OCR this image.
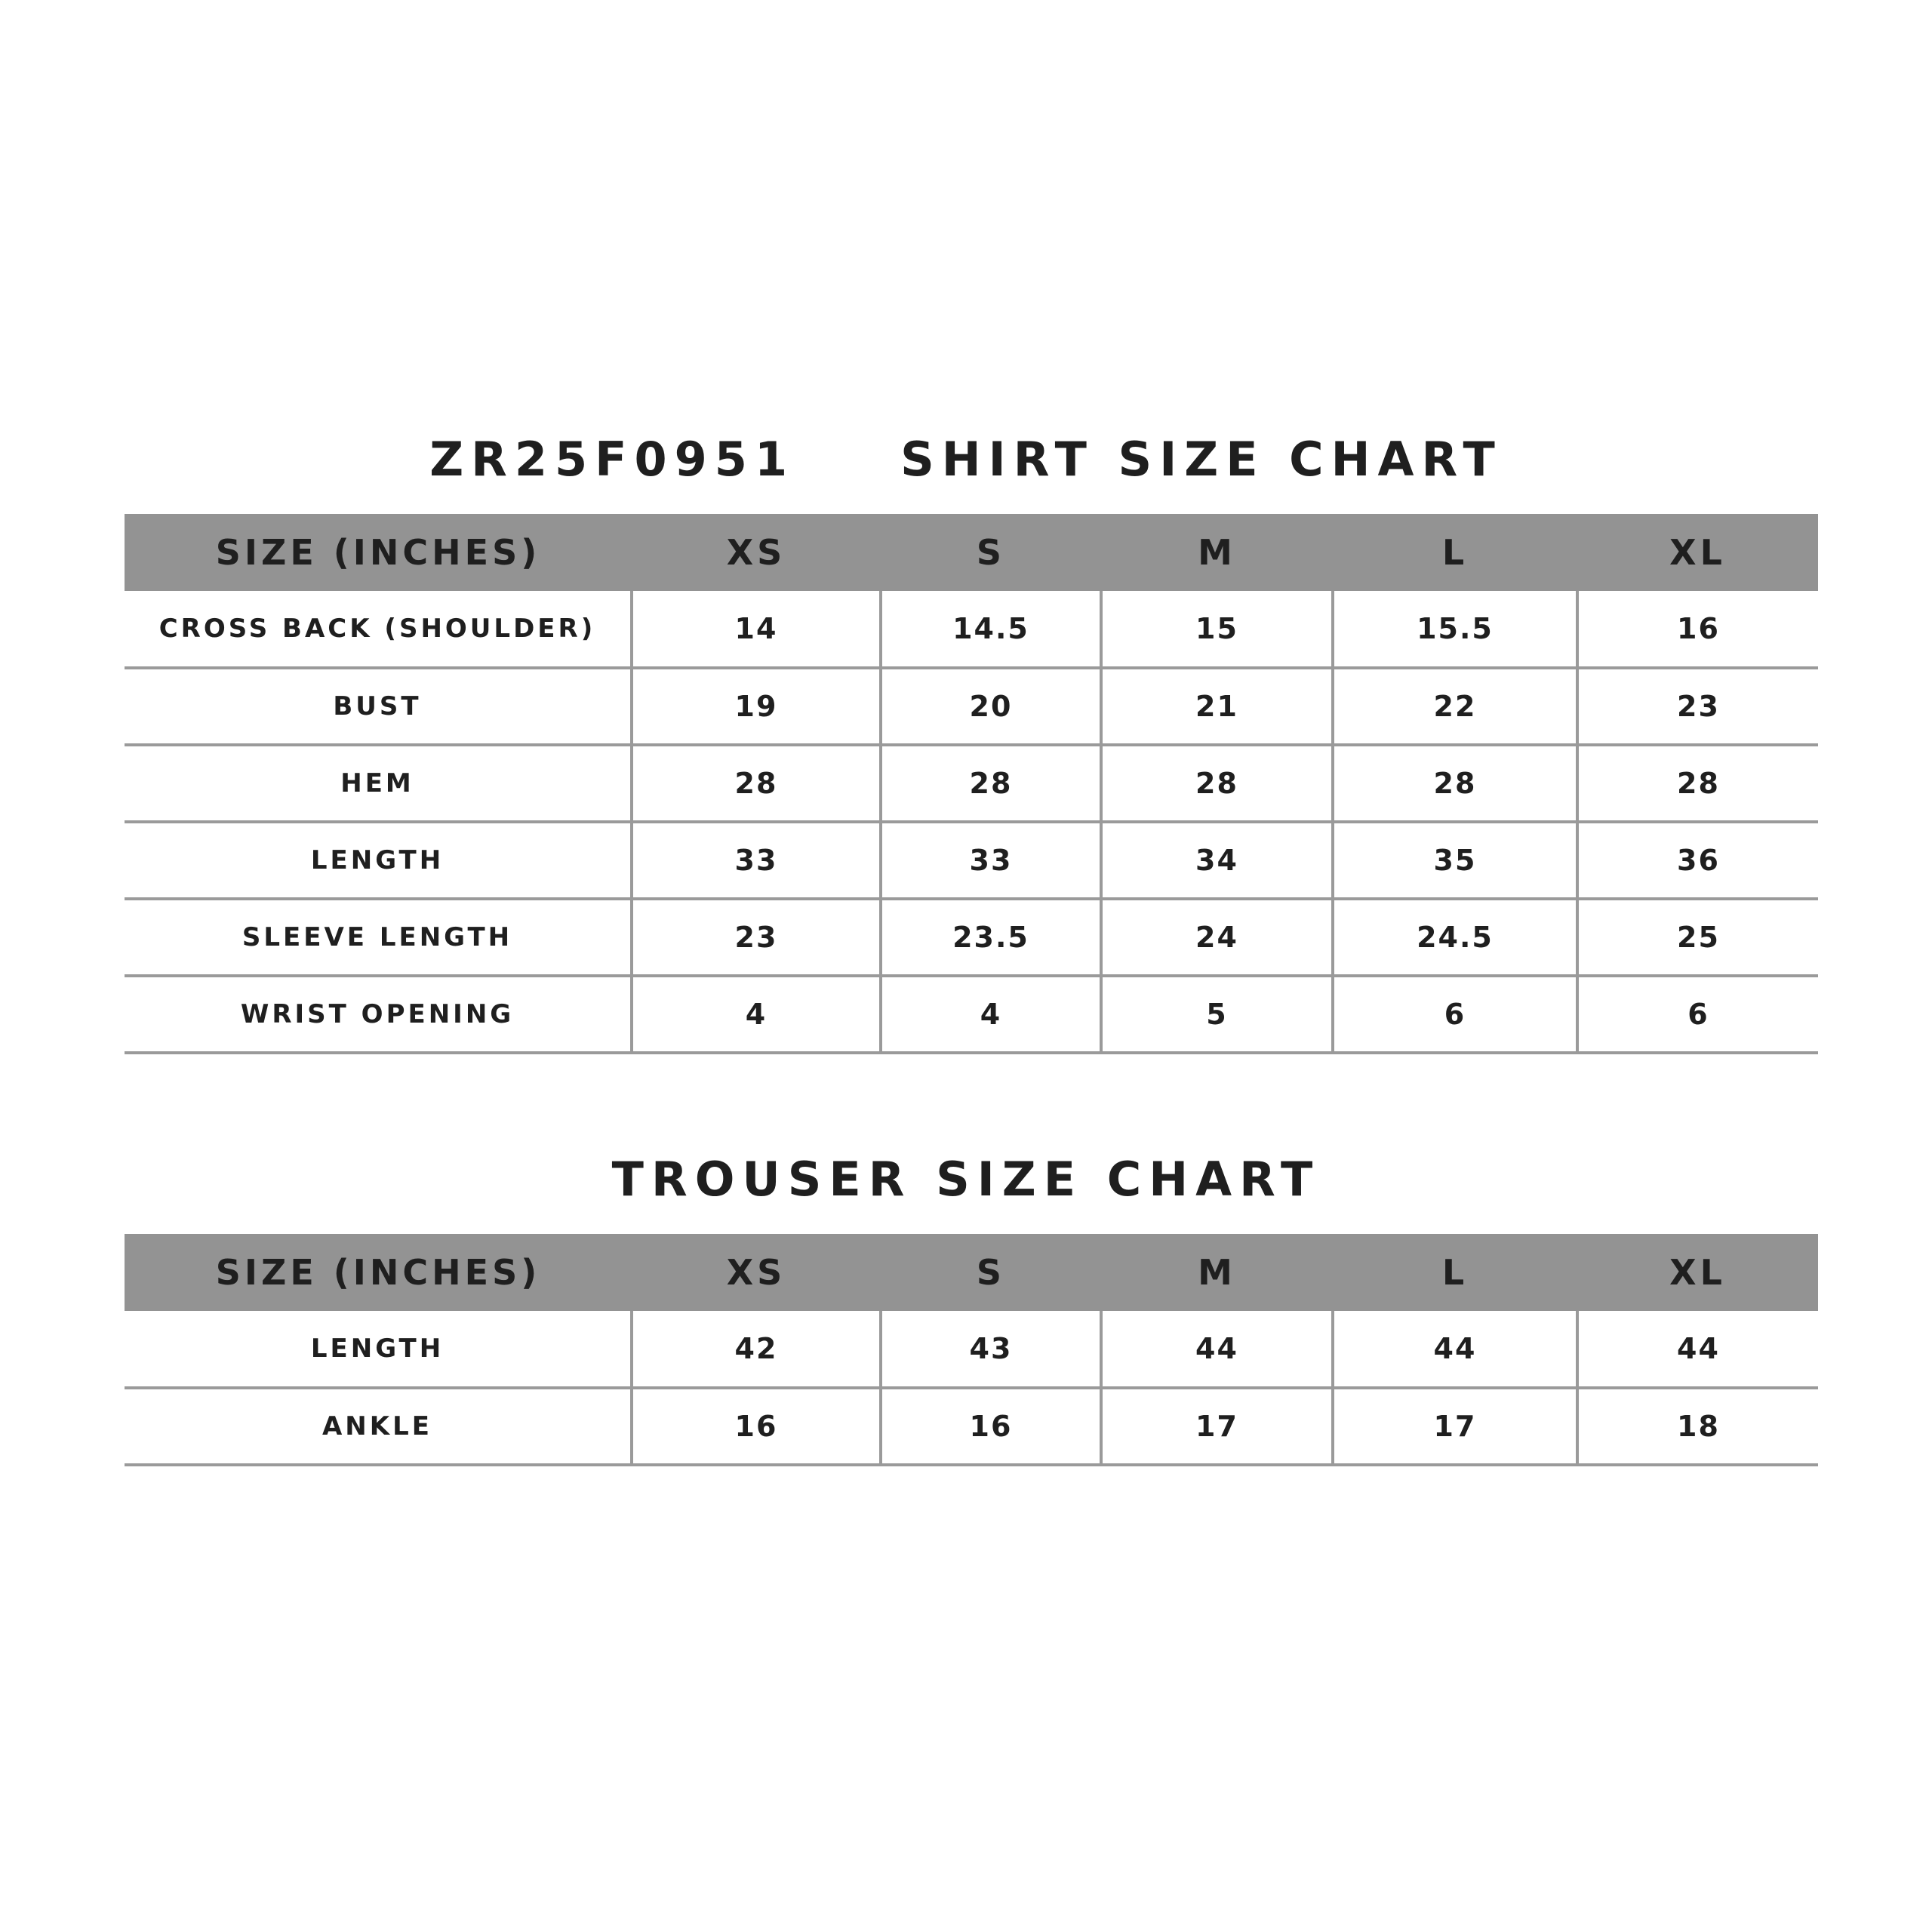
ZR25F0951 SHIRT SIZE CHART
SIZE (INCHES)	XS	S	M	L	XL
CROSS BACK (SHOULDER)	14	14.5	15	15.5	16
BUST	19	20	21	22	23
HEM	28	28	28	28	28
LENGTH	33	33	34	35	36
SLEEVE LENGTH	23	23.5	24	24.5	25
WRIST OPENING	4	4	5	6	6
TROUSER SIZE CHART
SIZE (INCHES)	XS	S	M	L	XL
LENGTH	42	43	44	44	44
ANKLE	16	16	17	17	18
